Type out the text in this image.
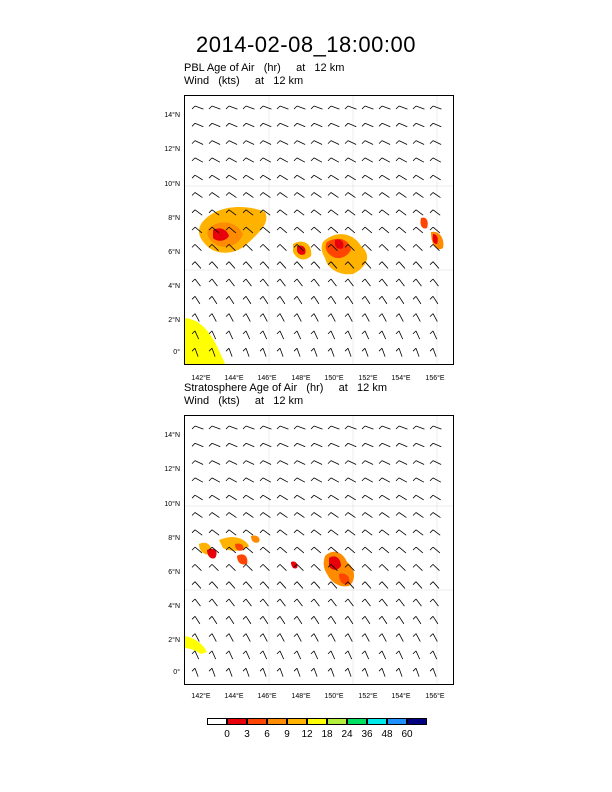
2014-02-08_18:00:00
PBL Age of Air   (hr)     at   12 km
Wind   (kts)     at   12 km
14°N
12°N
10°N
8°N
6°N
4°N
2°N
0°
142°E	144°E	146°E	148°E	150°E	152°E	154°E	156°E
Stratosphere Age of Air   (hr)     at   12 km
Wind   (kts)     at   12 km
14°N
12°N
10°N
8°N
6°N
4°N
2°N
0°
142°E	144°E	146°E	148°E	150°E	152°E	154°E	156°E
0	3	6	9	12 18 24 36 48 60
